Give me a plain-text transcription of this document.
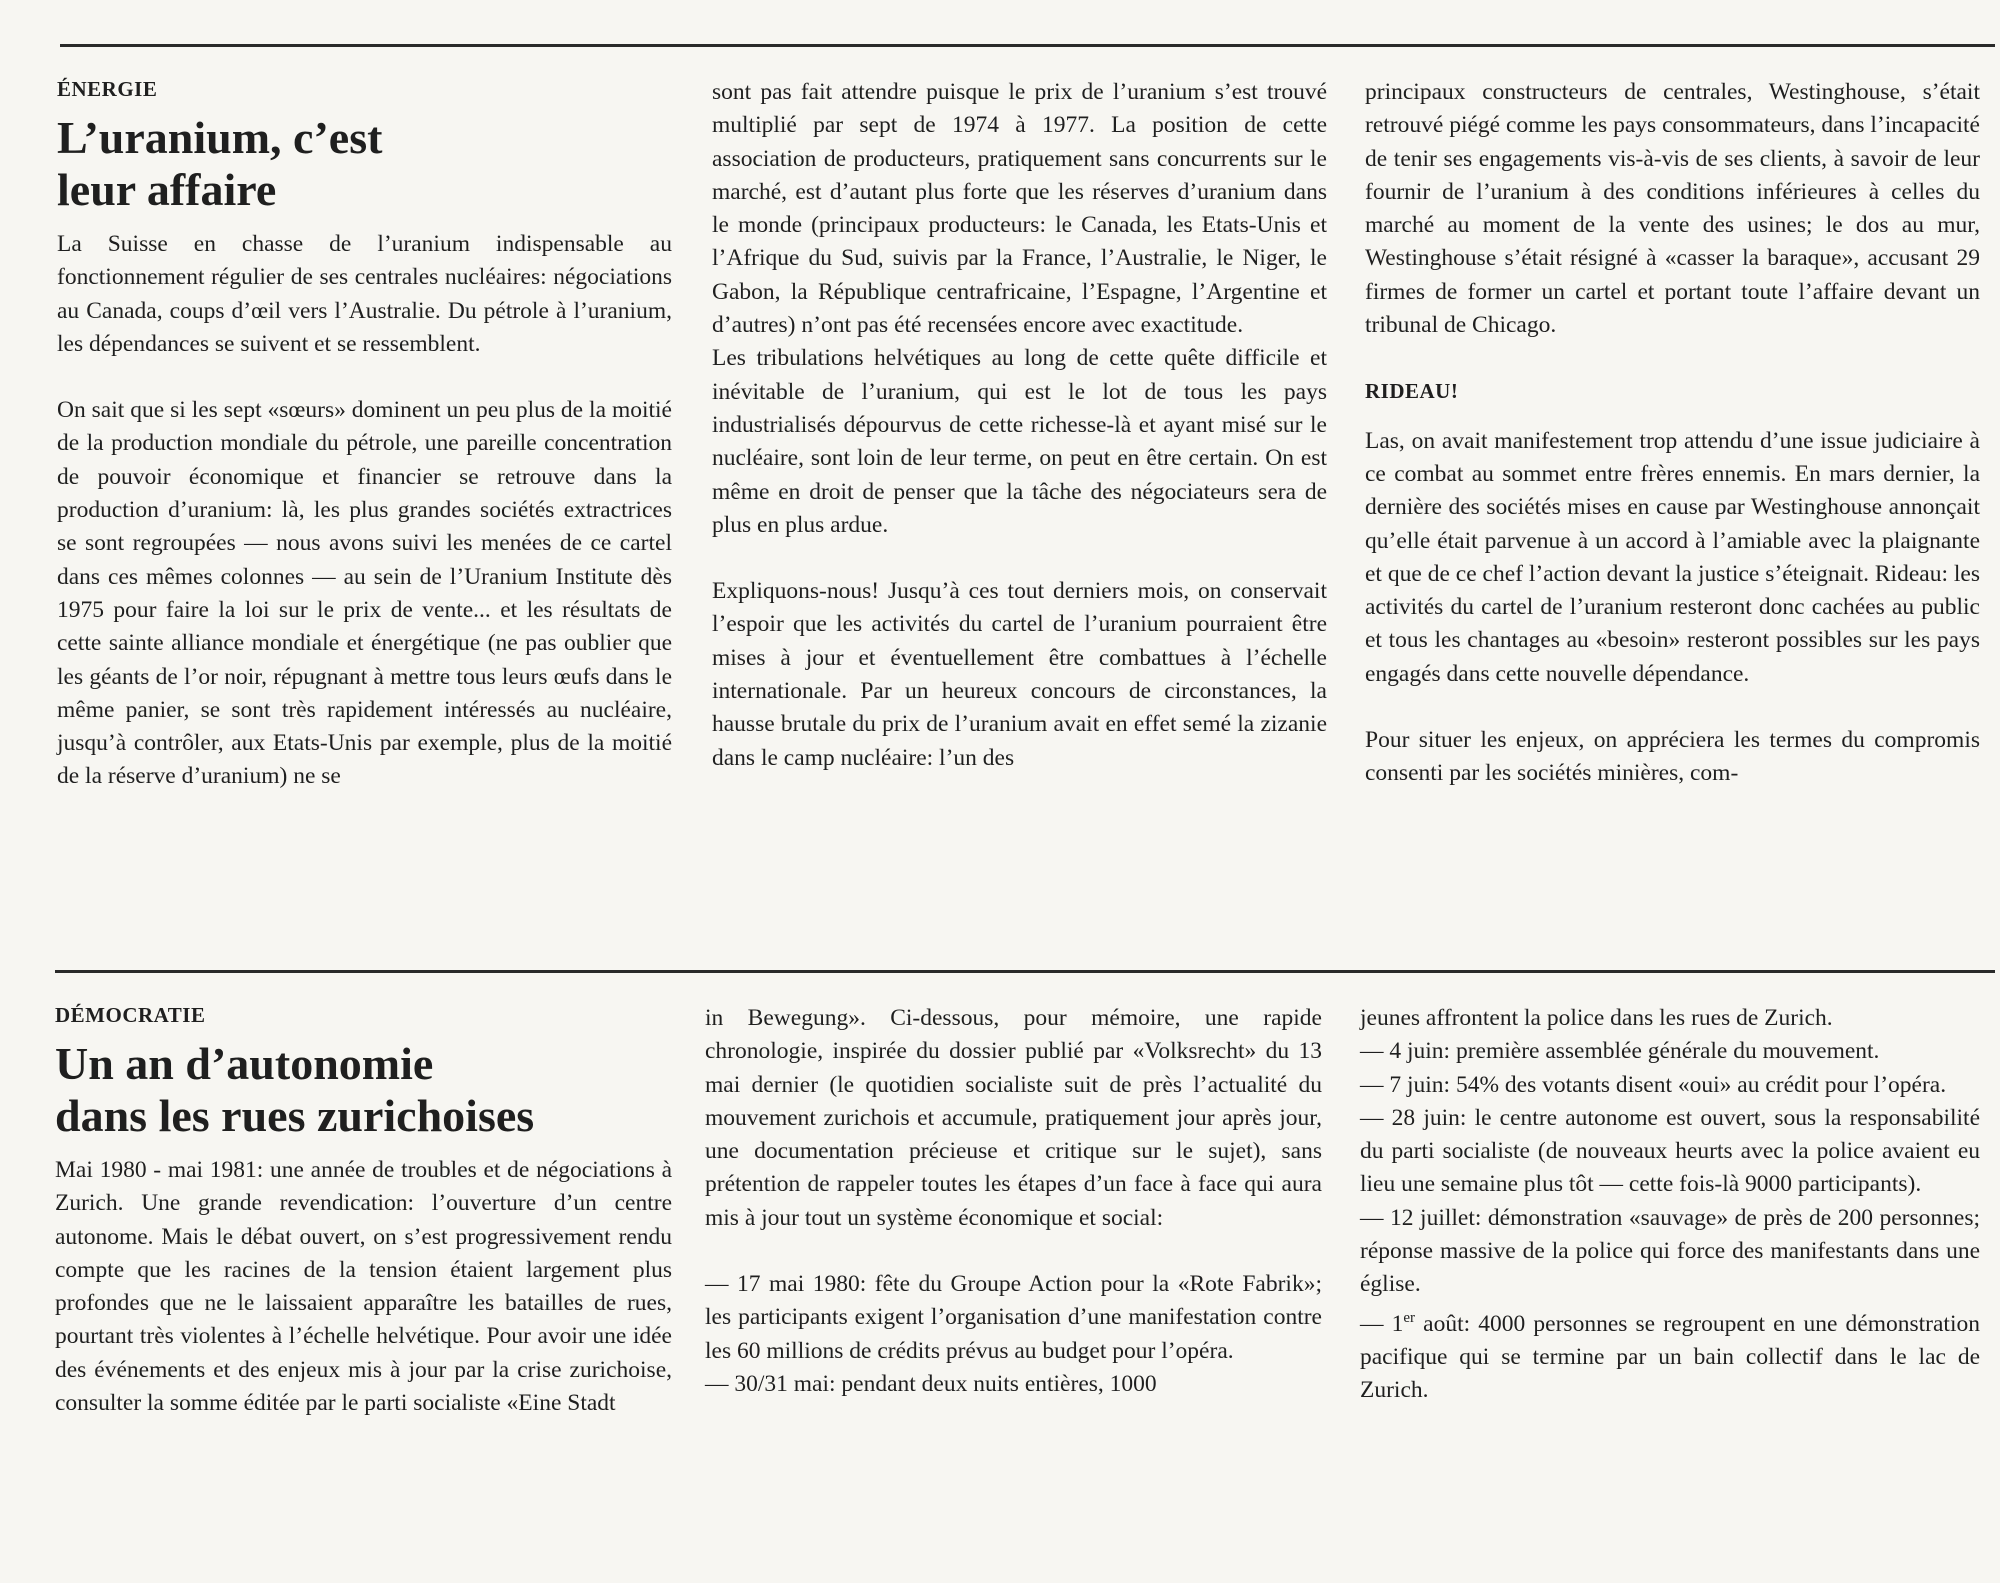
ÉNERGIE
L’uranium, c’est
leur affaire

La Suisse en chasse de l’uranium indispensable au fonctionnement régulier de ses centrales nucléaires: négociations au Canada, coups d’œil vers l’Australie. Du pétrole à l’uranium, les dépendances se suivent et se ressemblent.

On sait que si les sept «sœurs» dominent un peu plus de la moitié de la production mondiale du pétrole, une pareille concentration de pouvoir économique et financier se retrouve dans la production d’uranium: là, les plus grandes sociétés extractrices se sont regroupées — nous avons suivi les menées de ce cartel dans ces mêmes colonnes — au sein de l’Uranium Institute dès 1975 pour faire la loi sur le prix de vente... et les résultats de cette sainte alliance mondiale et énergétique (ne pas oublier que les géants de l’or noir, répugnant à mettre tous leurs œufs dans le même panier, se sont très rapidement intéressés au nucléaire, jusqu’à contrôler, aux Etats-Unis par exemple, plus de la moitié de la réserve d’uranium) ne se

sont pas fait attendre puisque le prix de l’uranium s’est trouvé multiplié par sept de 1974 à 1977. La position de cette association de producteurs, pratiquement sans concurrents sur le marché, est d’autant plus forte que les réserves d’uranium dans le monde (principaux producteurs: le Canada, les Etats-Unis et l’Afrique du Sud, suivis par la France, l’Australie, le Niger, le Gabon, la République centrafricaine, l’Espagne, l’Argentine et d’autres) n’ont pas été recensées encore avec exactitude.

Les tribulations helvétiques au long de cette quête difficile et inévitable de l’uranium, qui est le lot de tous les pays industrialisés dépourvus de cette richesse-là et ayant misé sur le nucléaire, sont loin de leur terme, on peut en être certain. On est même en droit de penser que la tâche des négociateurs sera de plus en plus ardue.

Expliquons-nous! Jusqu’à ces tout derniers mois, on conservait l’espoir que les activités du cartel de l’uranium pourraient être mises à jour et éventuellement être combattues à l’échelle internationale. Par un heureux concours de circonstances, la hausse brutale du prix de l’uranium avait en effet semé la zizanie dans le camp nucléaire: l’un des

principaux constructeurs de centrales, Westinghouse, s’était retrouvé piégé comme les pays consommateurs, dans l’incapacité de tenir ses engagements vis-à-vis de ses clients, à savoir de leur fournir de l’uranium à des conditions inférieures à celles du marché au moment de la vente des usines; le dos au mur, Westinghouse s’était résigné à «casser la baraque», accusant 29 firmes de former un cartel et portant toute l’affaire devant un tribunal de Chicago.

RIDEAU!

Las, on avait manifestement trop attendu d’une issue judiciaire à ce combat au sommet entre frères ennemis. En mars dernier, la dernière des sociétés mises en cause par Westinghouse annonçait qu’elle était parvenue à un accord à l’amiable avec la plaignante et que de ce chef l’action devant la justice s’éteignait. Rideau: les activités du cartel de l’uranium resteront donc cachées au public et tous les chantages au «besoin» resteront possibles sur les pays engagés dans cette nouvelle dépendance.

Pour situer les enjeux, on appréciera les termes du compromis consenti par les sociétés minières, com-

DÉMOCRATIE
Un an d’autonomie
dans les rues zurichoises

Mai 1980 - mai 1981: une année de troubles et de négociations à Zurich. Une grande revendication: l’ouverture d’un centre autonome. Mais le débat ouvert, on s’est progressivement rendu compte que les racines de la tension étaient largement plus profondes que ne le laissaient apparaître les batailles de rues, pourtant très violentes à l’échelle helvétique. Pour avoir une idée des événements et des enjeux mis à jour par la crise zurichoise, consulter la somme éditée par le parti socialiste «Eine Stadt

in Bewegung». Ci-dessous, pour mémoire, une rapide chronologie, inspirée du dossier publié par «Volksrecht» du 13 mai dernier (le quotidien socialiste suit de près l’actualité du mouvement zurichois et accumule, pratiquement jour après jour, une documentation précieuse et critique sur le sujet), sans prétention de rappeler toutes les étapes d’un face à face qui aura mis à jour tout un système économique et social:

— 17 mai 1980: fête du Groupe Action pour la «Rote Fabrik»; les participants exigent l’organisation d’une manifestation contre les 60 millions de crédits prévus au budget pour l’opéra.

— 30/31 mai: pendant deux nuits entières, 1000

jeunes affrontent la police dans les rues de Zurich.

— 4 juin: première assemblée générale du mouvement.

— 7 juin: 54% des votants disent «oui» au crédit pour l’opéra.

— 28 juin: le centre autonome est ouvert, sous la responsabilité du parti socialiste (de nouveaux heurts avec la police avaient eu lieu une semaine plus tôt — cette fois-là 9000 participants).

— 12 juillet: démonstration «sauvage» de près de 200 personnes; réponse massive de la police qui force des manifestants dans une église.

— 1er août: 4000 personnes se regroupent en une démonstration pacifique qui se termine par un bain collectif dans le lac de Zurich.
